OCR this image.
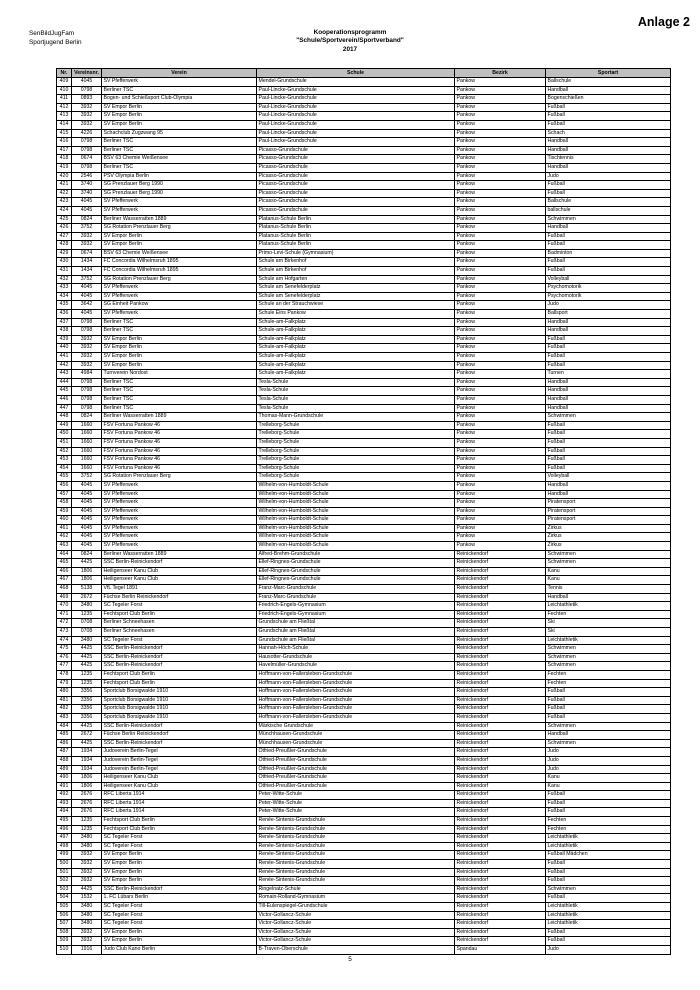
SenBildJugFam
Sportjugend Berlin
Kooperationsprogramm
"Schule/Sportverein/Sportverband"
2017
Anlage 2
Nr.	Vereinsnr.	Verein	Schule	Bezirk	Sportart
409	4045	SV Pfefferwerk	Mendel-Grundschule	Pankow	Ballschule
410	0798	Berliner TSC	Paul-Lincke-Grundschule	Pankow	Handball
411	0893	Bogen- und Schießsport Club-Olympia	Paul-Lincke-Grundschule	Pankow	Bogenschießen
412	3932	SV Empor Berlin	Paul-Lincke-Grundschule	Pankow	Fußball
413	3932	SV Empor Berlin	Paul-Lincke-Grundschule	Pankow	Fußball
414	3932	SV Empor Berlin	Paul-Lincke-Grundschule	Pankow	Fußball
415	4226	Schachclub Zugzwang 95	Paul-Lincke-Grundschule	Pankow	Schach
416	0798	Berliner TSC	Paul-Lincke-Grundschule	Pankow	Handball
417	0798	Berliner TSC	Picasso-Grundschule	Pankow	Handball
418	0674	BSV 63 Chemie Weißensee	Picasso-Grundschule	Pankow	Tischtennis
419	0798	Berliner TSC	Picasso-Grundschule	Pankow	Handball
420	2546	PSV Olympia Berlin	Picasso-Grundschule	Pankow	Judo
421	3740	SG Prenzlauer Berg 1990	Picasso-Grundschule	Pankow	Fußball
422	3740	SG Prenzlauer Berg 1990	Picasso-Grundschule	Pankow	Fußball
423	4045	SV Pfefferwerk	Picasso-Grundschule	Pankow	Ballschule
424	4045	SV Pfefferwerk	Picasso-Grundschule	Pankow	ballschule
425	0824	Berliner Wasserratten 1889	Platanus-Schule Berlin	Pankow	Schwimmen
426	3752	SG Rotation Prenzlauer Berg	Platanus-Schule Berlin	Pankow	Handball
427	3932	SV Empor Berlin	Platanus-Schule Berlin	Pankow	Fußball
428	3932	SV Empor Berlin	Platanus-Schule Berlin	Pankow	Fußball
429	0674	BSV 63 Chemie Weißensee	Primo-Levi-Schule (Gymnasium)	Pankow	Badminton
430	1434	FC Concordia Wilhelmsruh 1895	Schule am Birkenhof	Pankow	Fußball
431	1434	FC Concordia Wilhelmsruh 1895	Schule am Birkenhof	Pankow	Fußball
432	3752	SG Rotation Prenzlauer Berg	Schule am Hofgarten	Pankow	Volleyball
433	4045	SV Pfefferwerk	Schule am Senefelderplatz	Pankow	Psychomotorik
434	4045	SV Pfefferwerk	Schule am Senefelderplatz	Pankow	Psychomotorik
435	3642	SG Einheit Pankow	Schule an der Strauchwiese	Pankow	Judo
436	4045	SV Pfefferwerk	Schule Eins Pankow	Pankow	Ballsport
437	0798	Berliner TSC	Schule-am-Falkplatz	Pankow	Handball
438	0798	Berliner TSC	Schule-am-Falkplatz	Pankow	Handball
439	3932	SV Empor Berlin	Schule-am-Falkplatz	Pankow	Fußball
440	3932	SV Empor Berlin	Schule-am-Falkplatz	Pankow	Fußball
441	3932	SV Empor Berlin	Schule-am-Falkplatz	Pankow	Fußball
442	3932	SV Empor Berlin	Schule-am-Falkplatz	Pankow	Fußball
443	4984	Turnverein Nordost	Schule-am-Falkplatz	Pankow	Turnen
444	0798	Berliner TSC	Tesla-Schule	Pankow	Handball
445	0798	Berliner TSC	Tesla-Schule	Pankow	Handball
446	0798	Berliner TSC	Tesla-Schule	Pankow	Handball
447	0798	Berliner TSC	Tesla-Schule	Pankow	Handball
448	0824	Berliner Wasserratten 1889	Thomas-Mann-Grundschule	Pankow	Schwimmen
449	1660	FSV Fortuna Pankow 46	Trelleborg-Schule	Pankow	Fußball
450	1660	FSV Fortuna Pankow 46	Trelleborg-Schule	Pankow	Fußball
451	1660	FSV Fortuna Pankow 46	Trelleborg-Schule	Pankow	Fußball
452	1660	FSV Fortuna Pankow 46	Trelleborg-Schule	Pankow	Fußball
453	1660	FSV Fortuna Pankow 46	Trelleborg-Schule	Pankow	Fußball
454	1660	FSV Fortuna Pankow 46	Trelleborg-Schule	Pankow	Fußball
455	3752	SG Rotation Prenzlauer Berg	Trelleborg-Schule	Pankow	Volleyball
456	4045	SV Pfefferwerk	Wilhelm-von-Humboldt-Schule	Pankow	Handball
457	4045	SV Pfefferwerk	Wilhelm-von-Humboldt-Schule	Pankow	Handball
458	4045	SV Pfefferwerk	Wilhelm-von-Humboldt-Schule	Pankow	Piratensport
459	4045	SV Pfefferwerk	Wilhelm-von-Humboldt-Schule	Pankow	Piratensport
460	4045	SV Pfefferwerk	Wilhelm-von-Humboldt-Schule	Pankow	Piratensport
461	4045	SV Pfefferwerk	Wilhelm-von-Humboldt-Schule	Pankow	Zirkus
462	4045	SV Pfefferwerk	Wilhelm-von-Humboldt-Schule	Pankow	Zirkus
463	4045	SV Pfefferwerk	Wilhelm-von-Humboldt-Schule	Pankow	Zirkus
464	0824	Berliner Wasserratten 1889	Alfred-Brehm-Grundschule	Reinickendorf	Schwimmen
465	4425	SSC Berlin-Reinickendorf	Ellef-Ringnes-Grundschule	Reinickendorf	Schwimmen
466	1806	Heiligenseer Kanu Club	Ellef-Ringnes-Grundschule	Reinickendorf	Kanu
467	1806	Heiligenseer Kanu Club	Ellef-Ringnes-Grundschule	Reinickendorf	Kanu
468	5138	VfL Tegel 1891	Franz-Marc-Grundschule	Reinickendorf	Tennis
469	2672	Füchse Berlin Reinickendorf	Franz-Marc-Grundschule	Reinickendorf	Handball
470	3480	SC Tegeler Forst	Friedrich-Engels-Gymnasium	Reinickendorf	Leichtathletik
471	1235	Fechtsport Club Berlin	Friedrich-Engels-Gymnasium	Reinickendorf	Fechten
472	0708	Berliner Schneehasen	Grundschule am Fließtal	Reinickendorf	Ski
473	0708	Berliner Schneehasen	Grundschule am Fließtal	Reinickendorf	Ski
474	3480	SC Tegeler Forst	Grundschule am Fließtal	Reinickendorf	Leichtathletik
475	4425	SSC Berlin-Reinickendorf	Hannah-Höch-Schule	Reinickendorf	Schwimmen
476	4425	SSC Berlin-Reinickendorf	Hausotter-Grundschule	Reinickendorf	Schwimmen
477	4425	SSC Berlin-Reinickendorf	Havelmüller-Grundschule	Reinickendorf	Schwimmen
478	1235	Fechtsport Club Berlin	Hoffmann-von-Fallersleben-Grundschule	Reinickendorf	Fechten
479	1235	Fechtsport Club Berlin	Hoffmann-von-Fallersleben-Grundschule	Reinickendorf	Fechten
480	3356	Sportclub Borsigwalde 1910	Hoffmann-von-Fallersleben-Grundschule	Reinickendorf	Fußball
481	3356	Sportclub Borsigwalde 1910	Hoffmann-von-Fallersleben-Grundschule	Reinickendorf	Fußball
482	3356	Sportclub Borsigwalde 1910	Hoffmann-von-Fallersleben-Grundschule	Reinickendorf	Fußball
483	3356	Sportclub Borsigwalde 1910	Hoffmann-von-Fallersleben-Grundschule	Reinickendorf	Fußball
484	4425	SSC Berlin-Reinickendorf	Märkische Grundschule	Reinickendorf	Schwimmen
485	2672	Füchse Berlin Reinickendorf	Münchhausen-Grundschule	Reinickendorf	Handball
486	4425	SSC Berlin-Reinickendorf	Münchhausen-Grundschule	Reinickendorf	Schwimmen
487	1934	Judoverein Berlin-Tegel	Otfried-Preußler-Grundschule	Reinickendorf	Judo
488	1934	Judoverein Berlin-Tegel	Otfried-Preußler-Grundschule	Reinickendorf	Judo
489	1934	Judoverein Berlin-Tegel	Otfried-Preußler-Grundschule	Reinickendorf	Judo
490	1806	Heiligenseer Kanu Club	Otfried-Preußler-Grundschule	Reinickendorf	Kanu
491	1806	Heiligenseer Kanu Club	Otfried-Preußler-Grundschule	Reinickendorf	Kanu
492	2676	RFC Liberta 1914	Peter-Witte-Schule	Reinickendorf	Fußball
493	2676	RFC Liberta 1914	Peter-Witte-Schule	Reinickendorf	Fußball
494	2676	RFC Liberta 1914	Peter-Witte-Schule	Reinickendorf	Fußball
495	1235	Fechtsport Club Berlin	Renée-Sintenis-Grundschule	Reinickendorf	Fechten
496	1235	Fechtsport Club Berlin	Renée-Sintenis-Grundschule	Reinickendorf	Fechten
497	3480	SC Tegeler Forst	Renée-Sintenis-Grundschule	Reinickendorf	Leichtathletik
498	3480	SC Tegeler Forst	Renée-Sintenis-Grundschule	Reinickendorf	Leichtathletik
499	3932	SV Empor Berlin	Renée-Sintenis-Grundschule	Reinickendorf	Fußball Mädchen
500	3932	SV Empor Berlin	Renée-Sintenis-Grundschule	Reinickendorf	Fußball
501	3932	SV Empor Berlin	Renée-Sintenis-Grundschule	Reinickendorf	Fußball
502	3932	SV Empor Berlin	Renée-Sintenis-Grundschule	Reinickendorf	Fußball
503	4425	SSC Berlin-Reinickendorf	Ringelnatz-Schule	Reinickendorf	Schwimmen
504	1532	1. FC Lübars Berlin	Romain-Rolland-Gymnasium	Reinickendorf	Fußball
505	3480	SC Tegeler Forst	Till-Eulenspiegel-Grundschule	Reinickendorf	Leichtathletik
506	3480	SC Tegeler Forst	Victor-Gollancz-Schule	Reinickendorf	Leichtathletik
507	3480	SC Tegeler Forst	Victor-Gollancz-Schule	Reinickendorf	Leichtathletik
508	3932	SV Empor Berlin	Victor-Gollancz-Schule	Reinickendorf	Fußball
509	3932	SV Empor Berlin	Victor-Gollancz-Schule	Reinickendorf	Fußball
510	1916	Judo Club Kano Berlin	B-Traven-Oberschule	Spandau	Judo
5
